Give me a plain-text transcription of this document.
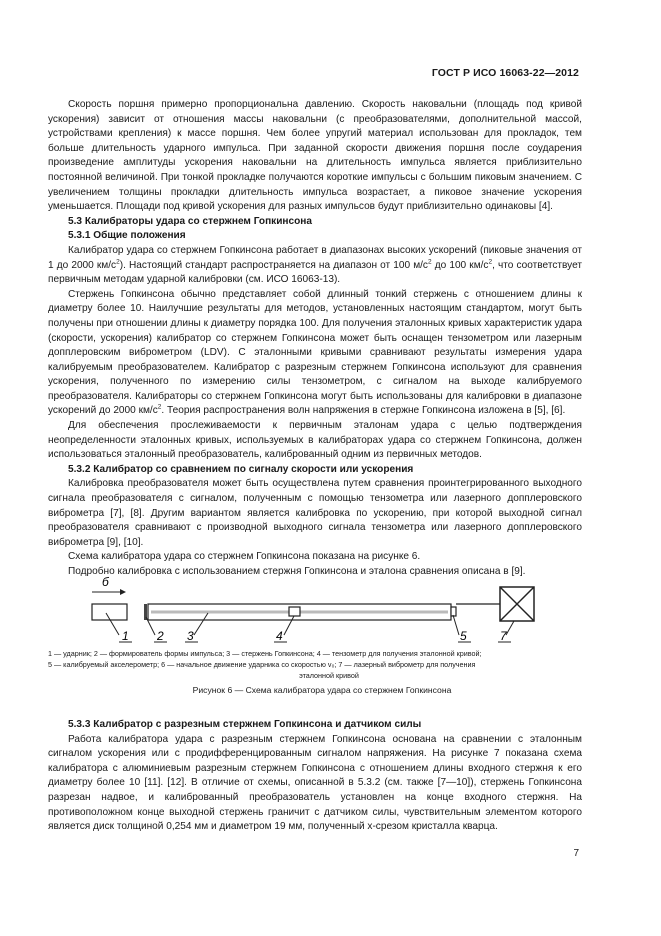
ГОСТ Р ИСО 16063-22—2012

Скорость поршня примерно пропорциональна давлению. Скорость наковальни (площадь под кривой ускорения) зависит от отношения массы наковальни (с преобразователями, дополнительной массой, устройствами крепления) к массе поршня. Чем более упругий материал использован для прокладок, тем больше длительность ударного импульса. При заданной скорости движения поршня после соударения произведение амплитуды ускорения наковальни на длительность импульса является приблизительно постоянной величиной. При тонкой прокладке получаются короткие импульсы с большим пиковым значением. С увеличением толщины прокладки длительность импульса возрастает, а пиковое значение ускорения уменьшается. Площади под кривой ускорения для разных импульсов будут приблизительно одинаковы [4].

5.3 Калибраторы удара со стержнем Гопкинсона
5.3.1 Общие положения

Калибратор удара со стержнем Гопкинсона работает в диапазонах высоких ускорений (пиковые значения от 1 до 2000 $км/с^2$). Настоящий стандарт распространяется на диапазон от 100 $м/с^2$ до 100 $км/с^2$, что соответствует первичным методам ударной калибровки (см. ИСО 16063-13).

Стержень Гопкинсона обычно представляет собой длинный тонкий стержень с отношением длины к диаметру более 10. Наилучшие результаты для методов, установленных настоящим стандартом, могут быть получены при отношении длины к диаметру порядка 100. Для получения эталонных кривых характеристик удара (скорости, ускорения) калибратор со стержнем Гопкинсона может быть оснащен тензометром или лазерным допплеровским виброметром (LDV). С эталонными кривыми сравнивают результаты измерения удара калибруемым преобразователем. Калибратор с разрезным стержнем Гопкинсона используют для сравнения ускорения, полученного по измерению силы тензометром, с сигналом на выходе калибруемого преобразователя. Калибраторы со стержнем Гопкинсона могут быть использованы для калибровки в диапазоне ускорений до 2000 $км/с^2$. Теория распространения волн напряжения в стержне Гопкинсона изложена в [5], [6].

Для обеспечения прослеживаемости к первичным эталонам удара с целью подтверждения неопределенности эталонных кривых, используемых в калибраторах удара со стержнем Гопкинсона, должен использоваться эталонный преобразователь, калиброванный одним из первичных методов.

5.3.2 Калибратор со сравнением по сигналу скорости или ускорения

Калибровка преобразователя может быть осуществлена путем сравнения проинтегрированного выходного сигнала преобразователя с сигналом, полученным с помощью тензометра или лазерного допплеровского виброметра [7], [8]. Другим вариантом является калибровка по ускорению, при которой выходной сигнал преобразователя сравнивают с производной выходного сигнала тензометра или лазерного допплеровского виброметра [9], [10].

Схема калибратора удара со стержнем Гопкинсона показана на рисунке 6.

Подробно калибровка с использованием стержня Гопкинсона и эталона сравнения описана в [9].

б
1 2 3	4	5	7
1 — ударник; 2 — формирователь формы импульса; 3 — стержень Гопкинсона; 4 — тензометр для получения эталонной кривой;
5 — калибруемый акселерометр; 6 — начальное движение ударника со скоростью v₀; 7 — лазерный виброметр для получения
эталонной кривой
Рисунок 6 — Схема калибратора удара со стержнем Гопкинсона
5.3.3 Калибратор с разрезным стержнем Гопкинсона и датчиком силы

Работа калибратора удара с разрезным стержнем Гопкинсона основана на сравнении с эталонным сигналом ускорения или с продифференцированным сигналом напряжения. На рисунке 7 показана схема калибратора с алюминиевым разрезным стержнем Гопкинсона с отношением длины входного стержня к его диаметру более 10 [11]. [12]. В отличие от схемы, описанной в 5.3.2 (см. также [7—10]), стержень Гопкинсона разрезан надвое, и калиброванный преобразователь установлен на конце входного стержня. На противоположном конце выходной стержень граничит с датчиком силы, чувствительным элементом которого является диск толщиной 0,254 мм и диаметром 19 мм, полученный x-срезом кристалла кварца.

7
